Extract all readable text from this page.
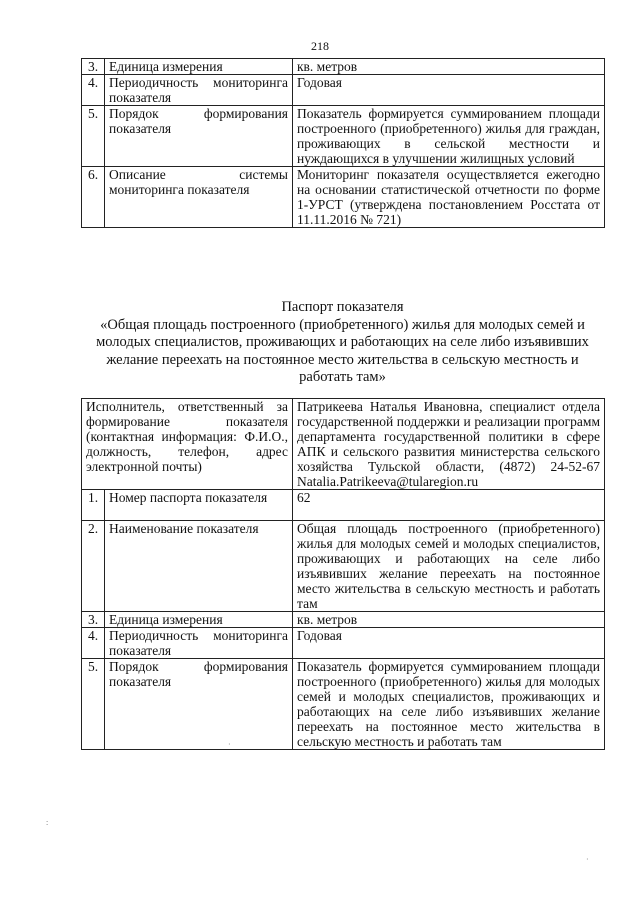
218
3.	Единица измерения	кв. метров
4.	Периодичность мониторинга показателя	Годовая
5.	Порядок формирования показателя	Показатель формируется суммированием площади построенного (приобретенного) жилья для граждан, проживающих в сельской местности и нуждающихся в улучшении жилищных условий
6.	Описание системы мониторинга показателя	Мониторинг показателя осуществляется ежегодно на основании статистической отчетности по форме 1-УРСТ (утверждена постановлением Росстата от 11.11.2016 № 721)
Паспорт показателя
«Общая площадь построенного (приобретенного) жилья для молодых семей и молодых специалистов, проживающих и работающих на селе либо изъявивших желание переехать на постоянное место жительства в сельскую местность и работать там»
Исполнитель, ответственный за формирование показателя (контактная информация: Ф.И.О., должность, телефон, адрес электронной почты)		Патрикеева Наталья Ивановна, специалист отдела государственной поддержки и реализации программ департамента государственной политики в сфере АПК и сельского развития министерства сельского хозяйства Тульской области, (4872) 24-52-67 Natalia.Patrikeeva@tularegion.ru
1.	Номер паспорта показателя	62
2.	Наименование показателя	Общая площадь построенного (приобретенного) жилья для молодых семей и молодых специалистов, проживающих и работающих на селе либо изъявивших желание переехать на постоянное место жительства в сельскую местность и работать там
3.	Единица измерения	кв. метров
4.	Периодичность мониторинга показателя	Годовая
5.	Порядок формирования показателя	Показатель формируется суммированием площади построенного (приобретенного) жилья для молодых семей и молодых специалистов, проживающих и работающих на селе либо изъявивших желание переехать на постоянное место жительства в сельскую местность и работать там
·
:
·
